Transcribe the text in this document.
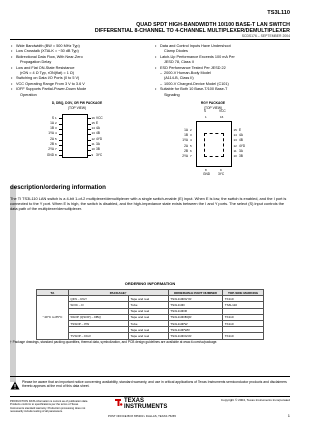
TS3L110
QUAD SPDT HIGH-BANDWIDTH 10/100 BASE-T LAN SWITCH
DIFFERENTIAL 8-CHANNEL TO 4-CHANNEL MULTIPLEXER/DEMULTIPLEXER
SCDS176 – SEPTEMBER 2004
• Wide Bandwidth (BW = 500 MHz Typ)
• Low Crosstalk (XTALK = −30 dB Typ)
• Bidirectional Data Flow, With Near-Zero
Propagation Delay
• Low and Flat ON-State Resistance
(rON = 4 Ω Typ, rON(flat) = 1 Ω)
• Switching on Data I/O Ports (0 to 5 V)
• VCC Operating Range From 3 V to 3.6 V
• IOFF Supports Partial-Power-Down Mode
Operation
• Data and Control Inputs Have Undershoot
Clamp Diodes
• Latch-Up Performance Exceeds 100 mA Per
JESD 78, Class II
• ESD Performance Tested Per JESD 22
– 2000-V Human-Body Model
(A114-B, Class II)
– 1000-V Charged-Device Model (C101)
• Suitable for Both 10 Base-T/100 Base-T
Signaling
D, DBQ, DGV, OR PW PACKAGE
(TOP VIEW)
S 1
1A 2
1B 3
1YA 4
2A 5
2B 6
2YA 7
GND 8
16 VCC
15 E
14 4A
13 4B
12 4YD
11 3A
10 3B
9 3YC
RGY PACKAGE
(TOP VIEW)
S
1
VCC
16
8
GND
9
3YC
1A 2
1B 3
1YA 4
2A 5
2B 6
2YA 7
15 E
14 4A
13 4B
12 4YD
11 3A
10 3B
description/ordering information
The TI TS3L110 LAN switch is a 4-bit 1-of-2 multiplexer/demultiplexer with a single switch-enable (E) input. When E is low, the switch is enabled, and the I port is connected to the Y port. When E is high, the switch is disabled, and the high-impedance state exists between the I and Y ports. The select (S) input controls the data path of the multiplexer/demultiplexer.
ORDERING INFORMATION
TA	PACKAGE†		ORDERABLE PART NUMBER	TOP-SIDE MARKING
−40°C to 85°C	QFN – RGY	Tape and reel	TS3L110RGYR	TK110
	SOIC – D	Tube	TS3L110D	TS3L110
		Tape and reel	TS3L110DR	
	SSOP (QSOP) – DBQ	Tape and reel	TS3L110DBQR	TK110
	TSSOP – PW	Tube	TS3L110PW	TK110
		Tape and reel	TS3L110PWR	
	TVSOP – DGV	Tape and reel	TS3L110DGVR	TK110
† Package drawings, standard packing quantities, thermal data, symbolization, and PCB design guidelines are available at www.ti.com/sc/package.
Please be aware that an important notice concerning availability, standard warranty, and use in critical applications of Texas Instruments semiconductor products and disclaimers thereto appears at the end of this data sheet.
PRODUCTION DATA information is current as of publication date. Products conform to specifications per the terms of Texas Instruments standard warranty. Production processing does not necessarily include testing of all parameters.
TEXAS
INSTRUMENTS
POST OFFICE BOX 655303 • DALLAS, TEXAS 75265
Copyright © 2004, Texas Instruments Incorporated
1
